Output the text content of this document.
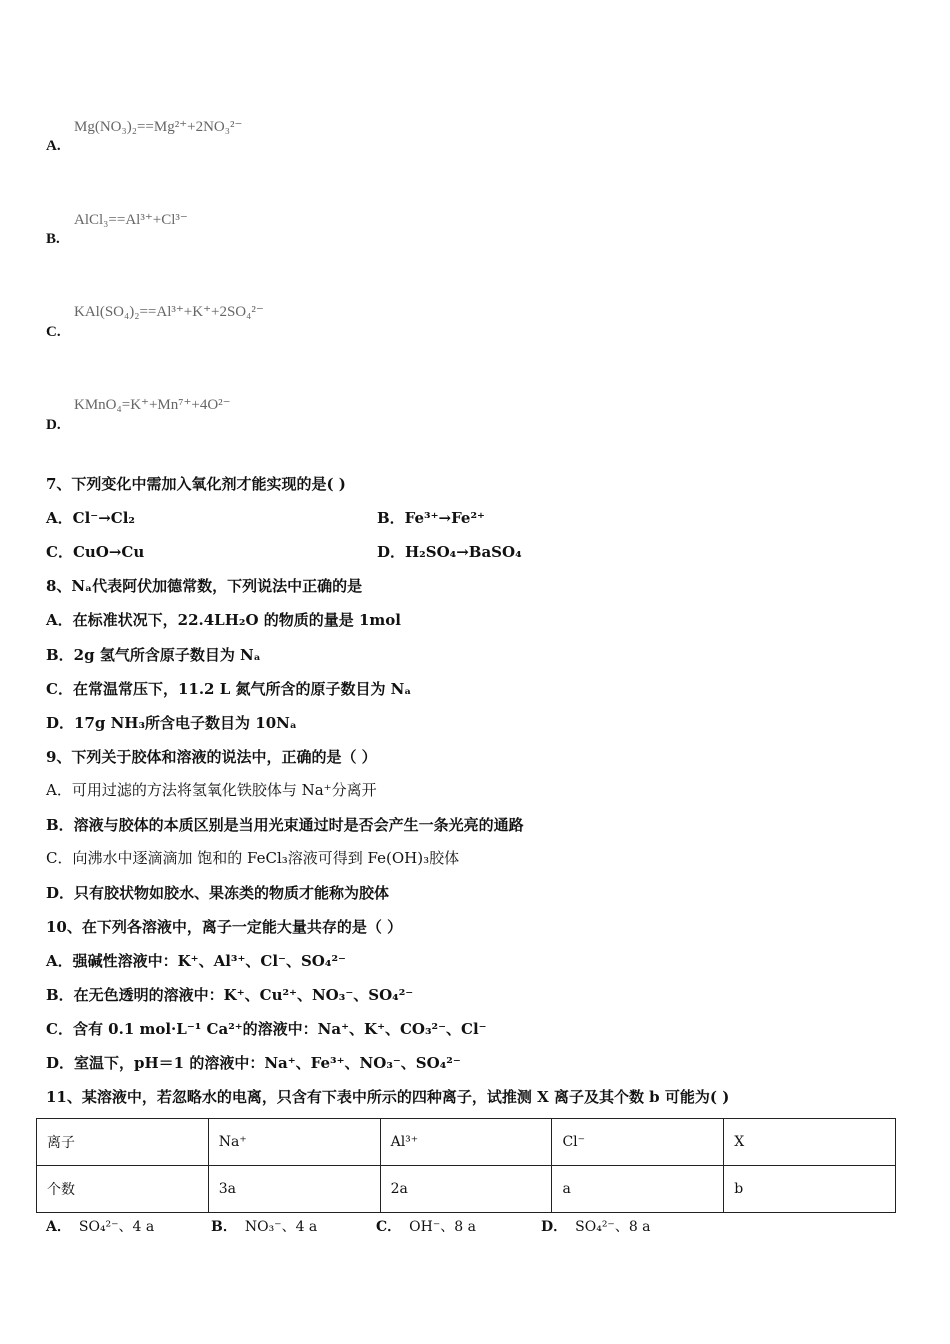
Mg(NO₃)₂==Mg²⁺+2NO₃²⁻
A.
AlCl₃==Al³⁺+Cl³⁻
B.
KAl(SO₄)₂==Al³⁺+K⁺+2SO₄²⁻
C.
KMnO₄=K⁺+Mn⁷⁺+4O²⁻
D.
7、下列变化中需加入氧化剂才能实现的是( )
A．Cl⁻→Cl₂	B．Fe³⁺→Fe²⁺
C．CuO→Cu	D．H₂SO₄→BaSO₄
8、Nₐ代表阿伏加德常数，下列说法中正确的是
A．在标准状况下，22.4LH₂O 的物质的量是 1mol
B．2g 氢气所含原子数目为 Nₐ
C．在常温常压下，11.2 L 氮气所含的原子数目为 Nₐ
D．17g NH₃所含电子数目为 10Nₐ
9、下列关于胶体和溶液的说法中，正确的是（ ）
A．可用过滤的方法将氢氧化铁胶体与 Na⁺分离开
B．溶液与胶体的本质区别是当用光束通过时是否会产生一条光亮的通路
C．向沸水中逐滴滴加 饱和的 FeCl₃溶液可得到 Fe(OH)₃胶体
D．只有胶状物如胶水、果冻类的物质才能称为胶体
10、在下列各溶液中，离子一定能大量共存的是（ ）
A．强碱性溶液中：K⁺、Al³⁺、Cl⁻、SO₄²⁻
B．在无色透明的溶液中：K⁺、Cu²⁺、NO₃⁻、SO₄²⁻
C．含有 0.1 mol·L⁻¹ Ca²⁺的溶液中：Na⁺、K⁺、CO₃²⁻、Cl⁻
D．室温下，pH＝1 的溶液中：Na⁺、Fe³⁺、NO₃⁻、SO₄²⁻
11、某溶液中，若忽略水的电离，只含有下表中所示的四种离子，试推测 X 离子及其个数 b 可能为( )
离子	Na⁺	Al³⁺	Cl⁻	X
个数	3a	2a	a	b
A． SO₄²⁻、4 a	B． NO₃⁻、4 a	C． OH⁻、8 a	D． SO₄²⁻、8 a
